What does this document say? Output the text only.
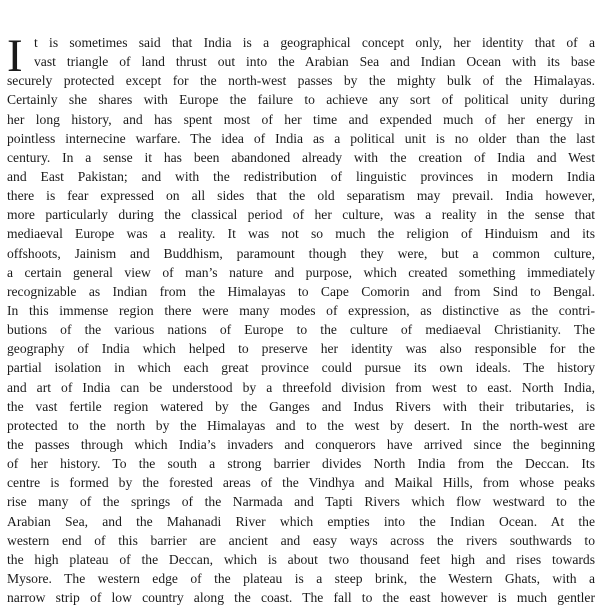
I t is sometimes said that India is a geographical concept only, her identity that of a
vast triangle of land thrust out into the Arabian Sea and Indian Ocean with its base
securely protected except for the north-west passes by the mighty bulk of the Himalayas.
Certainly she shares with Europe the failure to achieve any sort of political unity during
her long history, and has spent most of her time and expended much of her energy in
pointless internecine warfare. The idea of India as a political unit is no older than the last
century. In a sense it has been abandoned already with the creation of India and West
and East Pakistan; and with the redistribution of linguistic provinces in modern India
there is fear expressed on all sides that the old separatism may prevail. India however,
more particularly during the classical period of her culture, was a reality in the sense that
mediaeval Europe was a reality. It was not so much the religion of Hinduism and its
offshoots, Jainism and Buddhism, paramount though they were, but a common culture,
a certain general view of man’s nature and purpose, which created something immediately
recognizable as Indian from the Himalayas to Cape Comorin and from Sind to Bengal.
In this immense region there were many modes of expression, as distinctive as the contri-
butions of the various nations of Europe to the culture of mediaeval Christianity. The
geography of India which helped to preserve her identity was also responsible for the
partial isolation in which each great province could pursue its own ideals. The history
and art of India can be understood by a threefold division from west to east. North India,
the vast fertile region watered by the Ganges and Indus Rivers with their tributaries, is
protected to the north by the Himalayas and to the west by desert. In the north-west are
the passes through which India’s invaders and conquerors have arrived since the beginning
of her history. To the south a strong barrier divides North India from the Deccan. Its
centre is formed by the forested areas of the Vindhya and Maikal Hills, from whose peaks
rise many of the springs of the Narmada and Tapti Rivers which flow westward to the
Arabian Sea, and the Mahanadi River which empties into the Indian Ocean. At the
western end of this barrier are ancient and easy ways across the rivers southwards to
the high plateau of the Deccan, which is about two thousand feet high and rises towards
Mysore. The western edge of the plateau is a steep brink, the Western Ghats, with a
narrow strip of low country along the coast. The fall to the east however is much gentler
